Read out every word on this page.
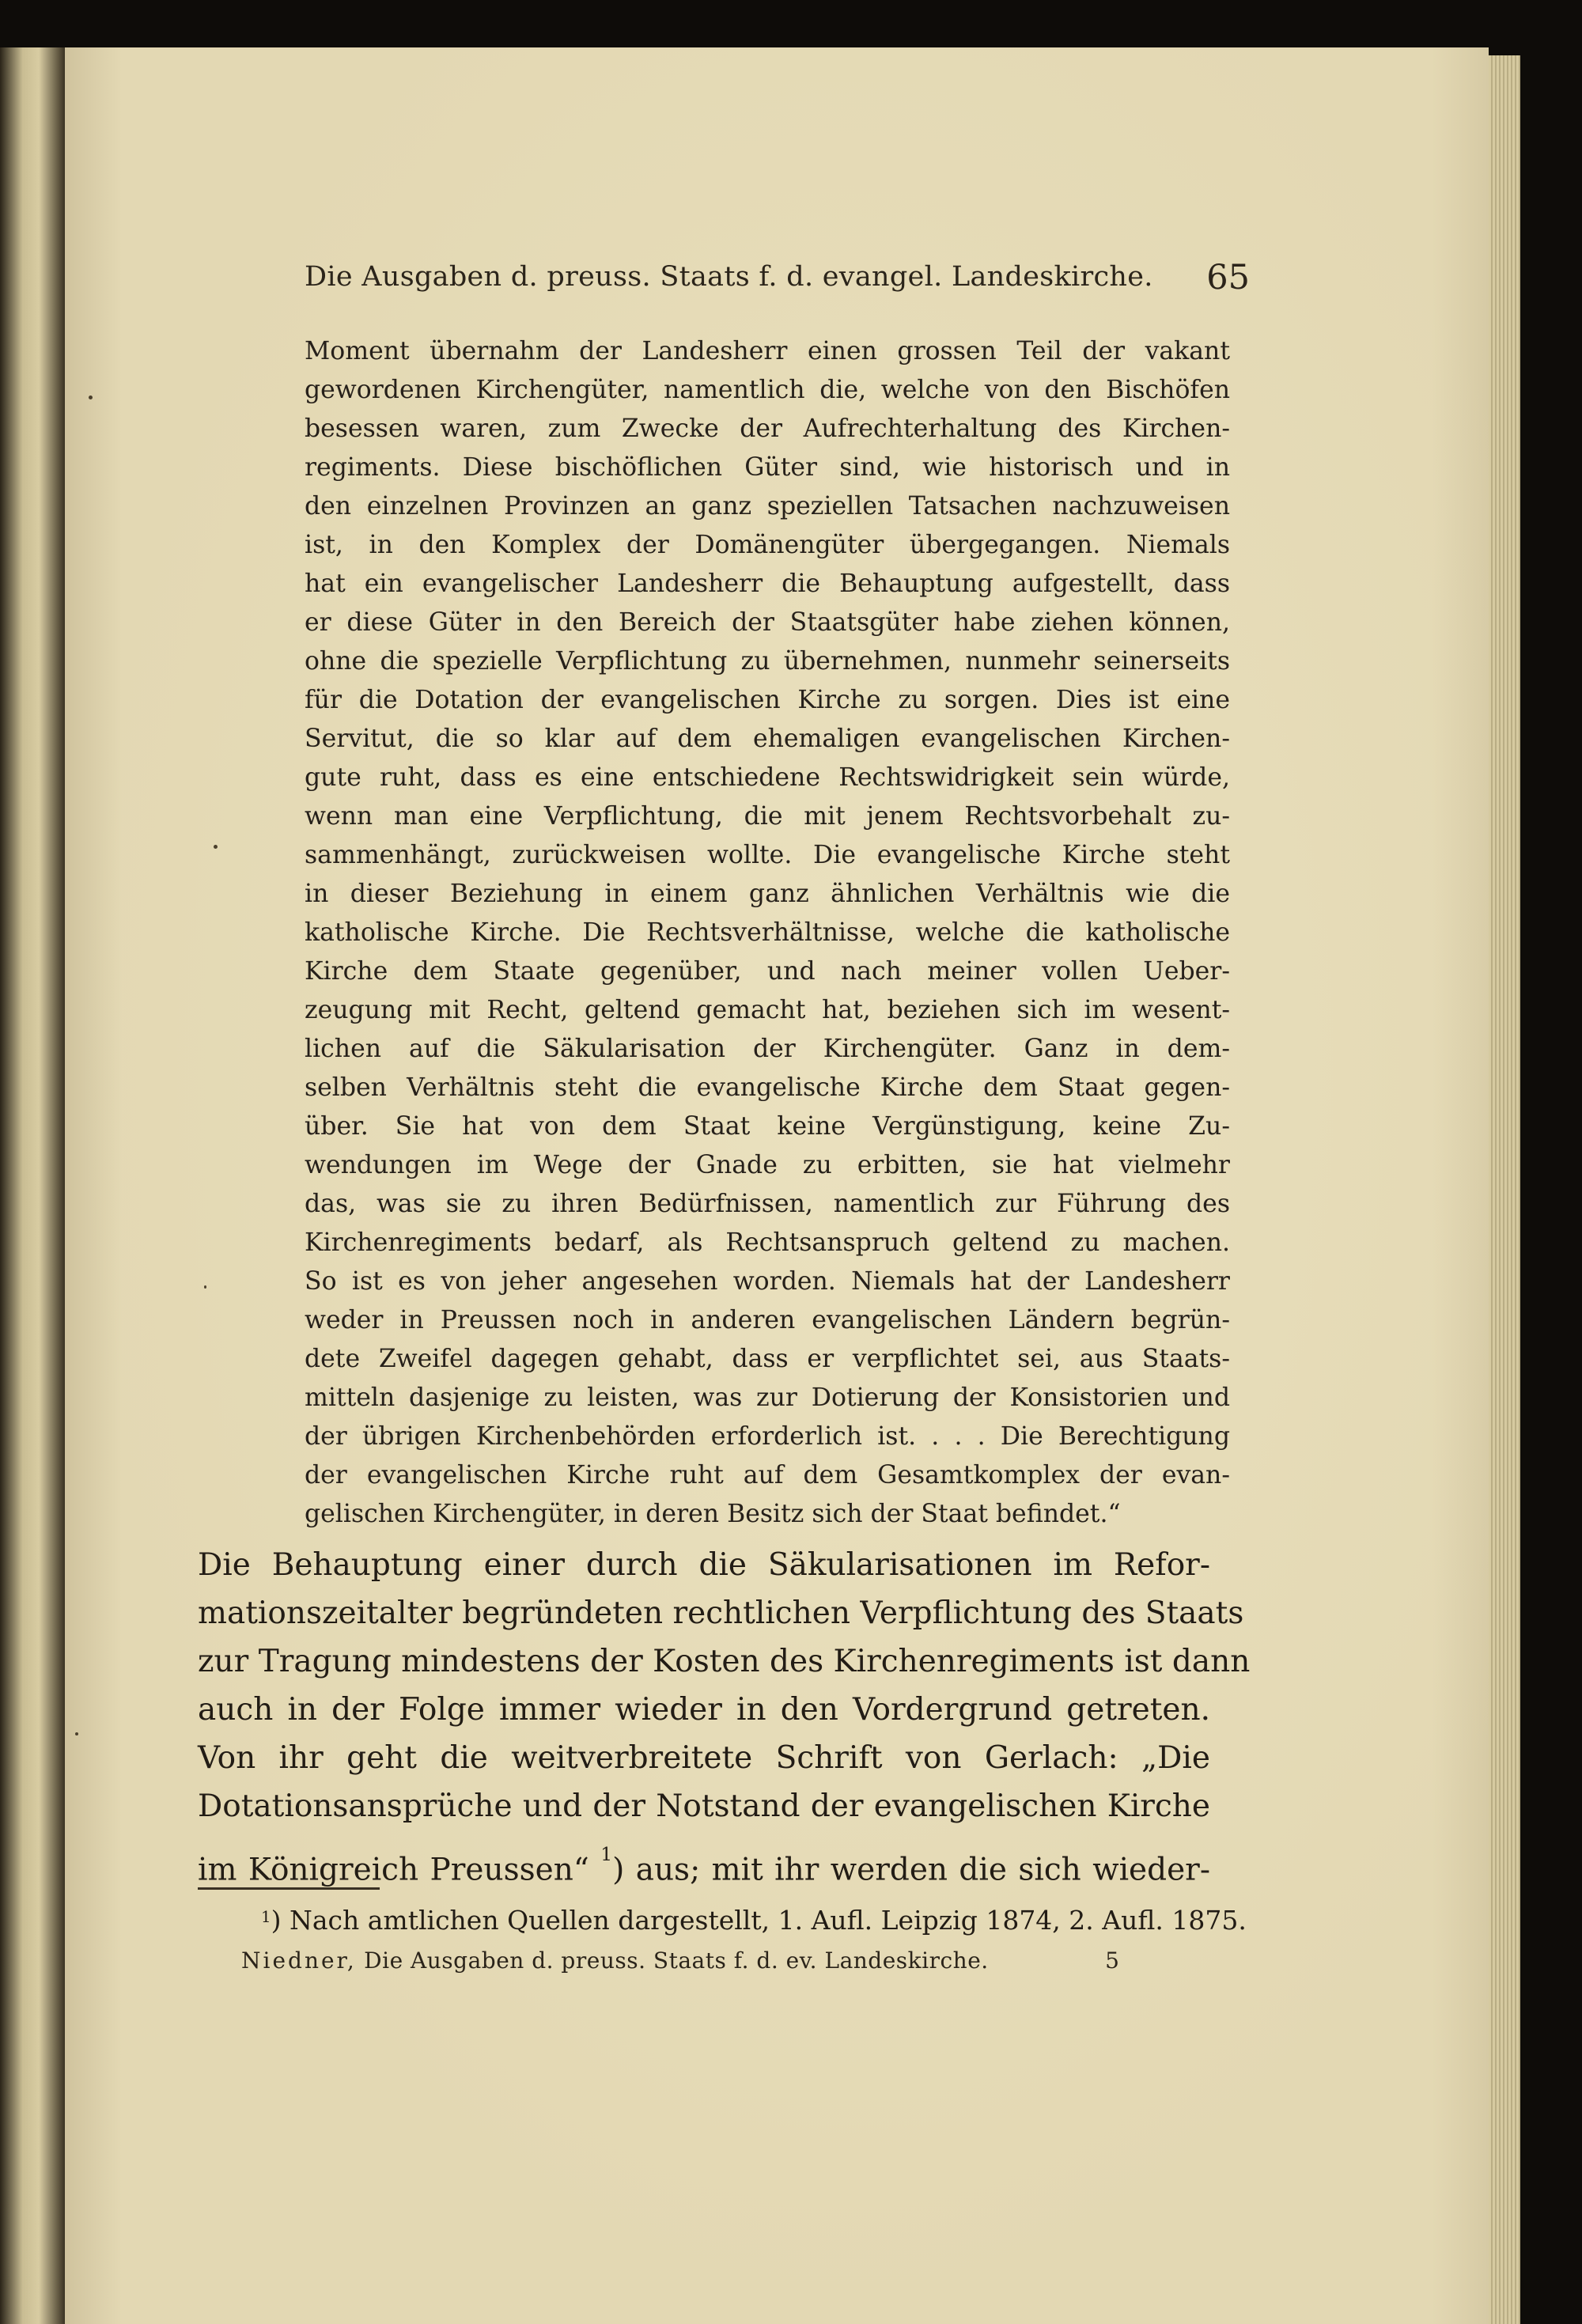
Die Ausgaben d. preuss. Staats f. d. evangel. Landeskirche. 65
Moment übernahm der Landesherr einen grossen Teil der vakant
gewordenen Kirchengüter, namentlich die, welche von den Bischöfen
besessen waren, zum Zwecke der Aufrechterhaltung des Kirchen-
regiments. Diese bischöflichen Güter sind, wie historisch und in
den einzelnen Provinzen an ganz speziellen Tatsachen nachzuweisen
ist, in den Komplex der Domänengüter übergegangen. Niemals
hat ein evangelischer Landesherr die Behauptung aufgestellt, dass
er diese Güter in den Bereich der Staatsgüter habe ziehen können,
ohne die spezielle Verpflichtung zu übernehmen, nunmehr seinerseits
für die Dotation der evangelischen Kirche zu sorgen. Dies ist eine
Servitut, die so klar auf dem ehemaligen evangelischen Kirchen-
gute ruht, dass es eine entschiedene Rechtswidrigkeit sein würde,
wenn man eine Verpflichtung, die mit jenem Rechtsvorbehalt zu-
sammenhängt, zurückweisen wollte. Die evangelische Kirche steht
in dieser Beziehung in einem ganz ähnlichen Verhältnis wie die
katholische Kirche. Die Rechtsverhältnisse, welche die katholische
Kirche dem Staate gegenüber, und nach meiner vollen Ueber-
zeugung mit Recht, geltend gemacht hat, beziehen sich im wesent-
lichen auf die Säkularisation der Kirchengüter. Ganz in dem-
selben Verhältnis steht die evangelische Kirche dem Staat gegen-
über. Sie hat von dem Staat keine Vergünstigung, keine Zu-
wendungen im Wege der Gnade zu erbitten, sie hat vielmehr
das, was sie zu ihren Bedürfnissen, namentlich zur Führung des
Kirchenregiments bedarf, als Rechtsanspruch geltend zu machen.
So ist es von jeher angesehen worden. Niemals hat der Landesherr
weder in Preussen noch in anderen evangelischen Ländern begrün-
dete Zweifel dagegen gehabt, dass er verpflichtet sei, aus Staats-
mitteln dasjenige zu leisten, was zur Dotierung der Konsistorien und
der übrigen Kirchenbehörden erforderlich ist. . . . Die Berechtigung
der evangelischen Kirche ruht auf dem Gesamtkomplex der evan-
gelischen Kirchengüter, in deren Besitz sich der Staat befindet.“
Die Behauptung einer durch die Säkularisationen im Refor-
mationszeitalter begründeten rechtlichen Verpflichtung des Staats
zur Tragung mindestens der Kosten des Kirchenregiments ist dann
auch in der Folge immer wieder in den Vordergrund getreten.
Von ihr geht die weitverbreitete Schrift von Gerlach: „Die
Dotationsansprüche und der Notstand der evangelischen Kirche
im Königreich Preussen“ $^1$) aus; mit ihr werden die sich wieder-
$^1$) Nach amtlichen Quellen dargestellt, 1. Aufl. Leipzig 1874, 2. Aufl. 1875.
Niedner, Die Ausgaben d. preuss. Staats f. d. ev. Landeskirche.	5
